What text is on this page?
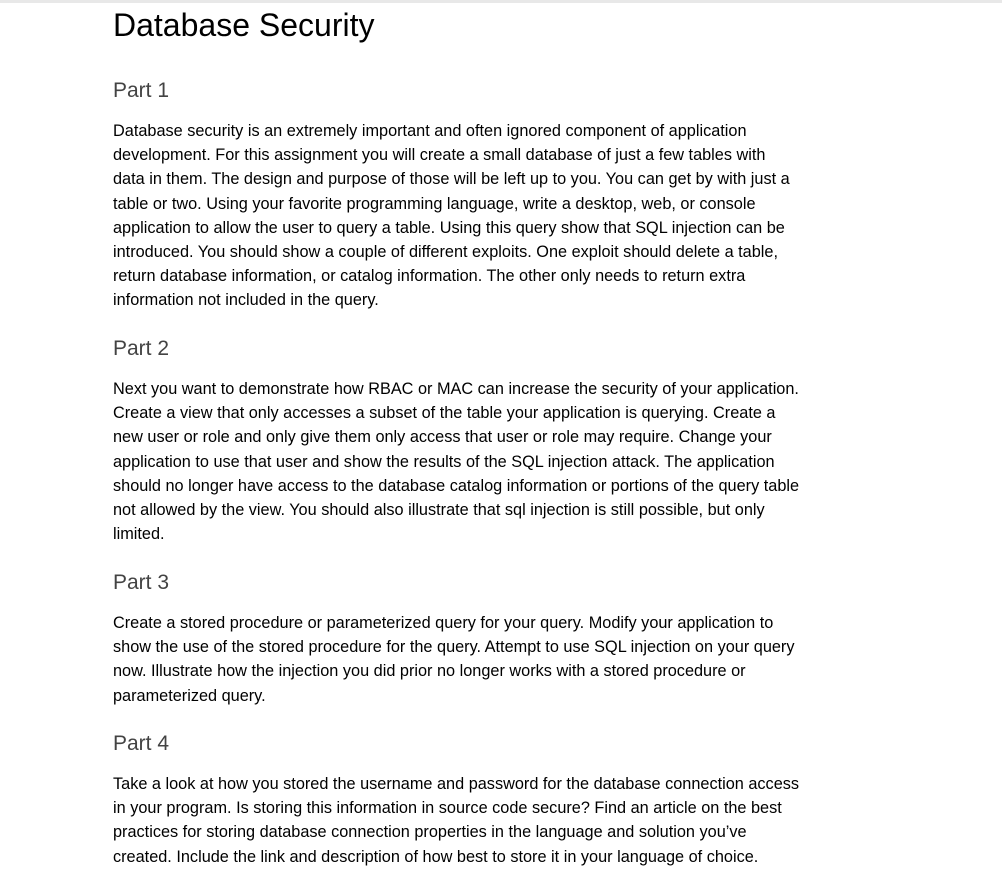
Database Security
Part 1

Database security is an extremely important and often ignored component of application
development. For this assignment you will create a small database of just a few tables with
data in them. The design and purpose of those will be left up to you. You can get by with just a
table or two. Using your favorite programming language, write a desktop, web, or console
application to allow the user to query a table. Using this query show that SQL injection can be
introduced. You should show a couple of different exploits. One exploit should delete a table,
return database information, or catalog information. The other only needs to return extra
information not included in the query.

Part 2

Next you want to demonstrate how RBAC or MAC can increase the security of your application.
Create a view that only accesses a subset of the table your application is querying. Create a
new user or role and only give them only access that user or role may require. Change your
application to use that user and show the results of the SQL injection attack. The application
should no longer have access to the database catalog information or portions of the query table
not allowed by the view. You should also illustrate that sql injection is still possible, but only
limited.

Part 3

Create a stored procedure or parameterized query for your query. Modify your application to
show the use of the stored procedure for the query. Attempt to use SQL injection on your query
now. Illustrate how the injection you did prior no longer works with a stored procedure or
parameterized query.

Part 4

Take a look at how you stored the username and password for the database connection access
in your program. Is storing this information in source code secure? Find an article on the best
practices for storing database connection properties in the language and solution you’ve
created. Include the link and description of how best to store it in your language of choice.
